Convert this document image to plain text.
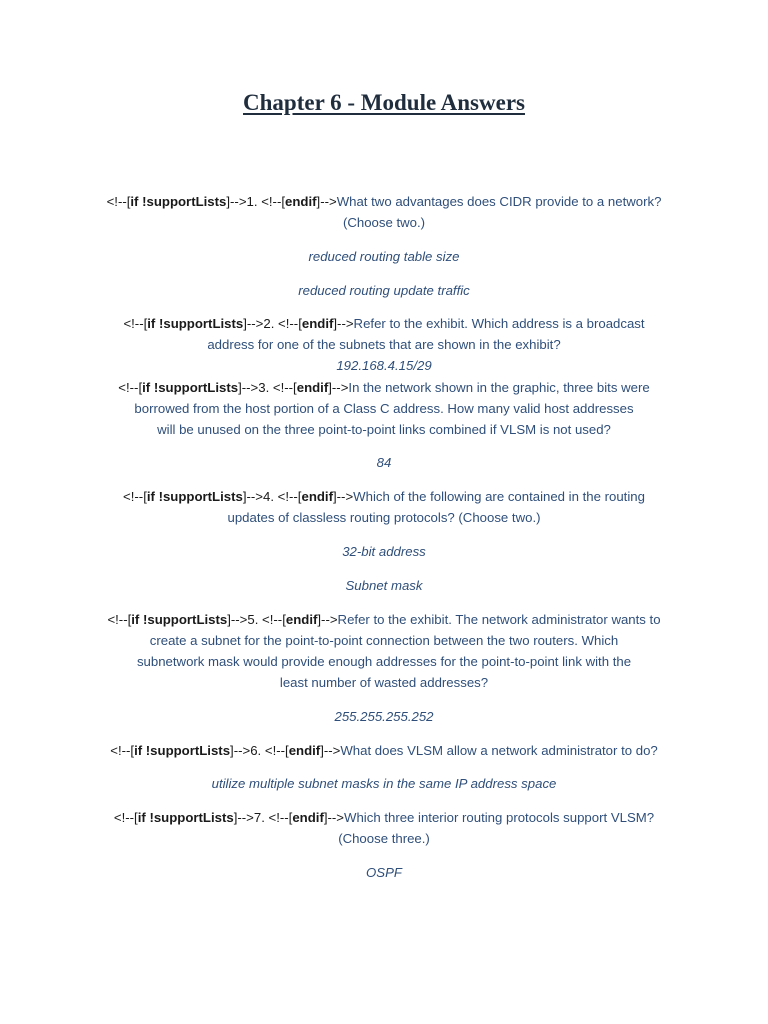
Chapter 6 - Module Answers
<!--[if !supportLists]-->1. <!--[endif]-->What two advantages does CIDR provide to a network?
(Choose two.)
reduced routing table size
reduced routing update traffic
<!--[if !supportLists]-->2. <!--[endif]-->Refer to the exhibit. Which address is a broadcast
address for one of the subnets that are shown in the exhibit?
192.168.4.15/29
<!--[if !supportLists]-->3. <!--[endif]-->In the network shown in the graphic, three bits were
borrowed from the host portion of a Class C address. How many valid host addresses
will be unused on the three point-to-point links combined if VLSM is not used?
84
<!--[if !supportLists]-->4. <!--[endif]-->Which of the following are contained in the routing
updates of classless routing protocols? (Choose two.)
32-bit address
Subnet mask
<!--[if !supportLists]-->5. <!--[endif]-->Refer to the exhibit. The network administrator wants to
create a subnet for the point-to-point connection between the two routers. Which
subnetwork mask would provide enough addresses for the point-to-point link with the
least number of wasted addresses?
255.255.255.252
<!--[if !supportLists]-->6. <!--[endif]-->What does VLSM allow a network administrator to do?
utilize multiple subnet masks in the same IP address space
<!--[if !supportLists]-->7. <!--[endif]-->Which three interior routing protocols support VLSM?
(Choose three.)
OSPF
